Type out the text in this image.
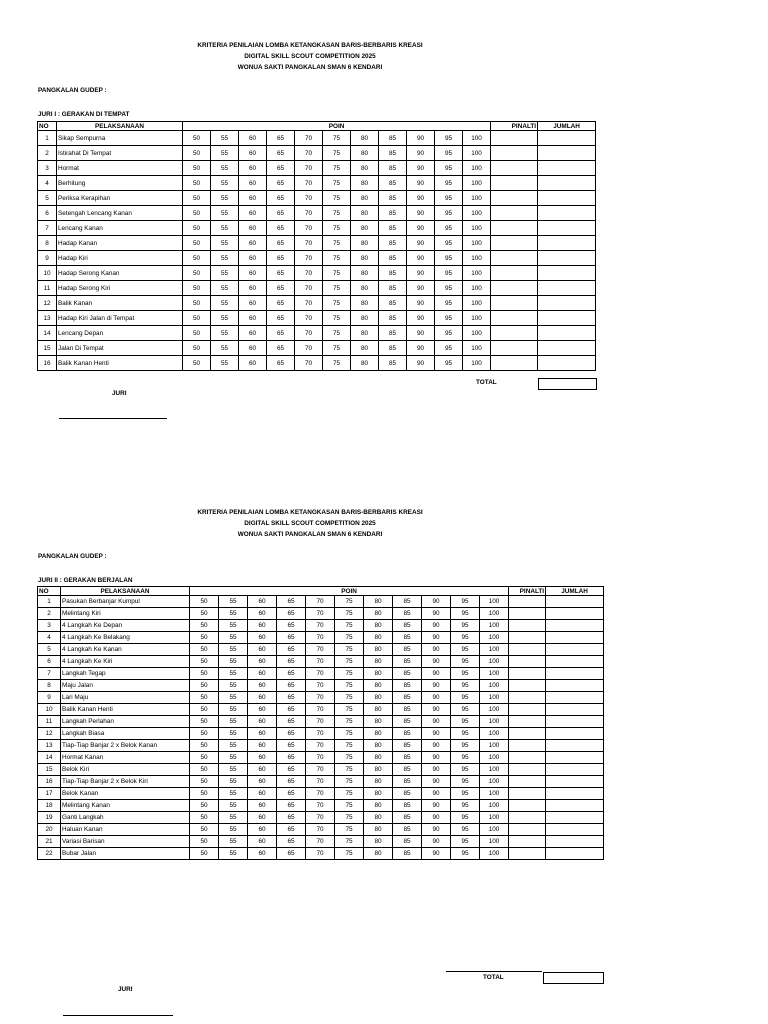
KRITERIA PENILAIAN LOMBA KETANGKASAN BARIS-BERBARIS KREASI
DIGITAL SKILL SCOUT COMPETITION 2025
WONUA SAKTI PANGKALAN SMAN 6 KENDARI
PANGKALAN GUDEP :
JURI I : GERAKAN DI TEMPAT
NO	PELAKSANAAN	POIN											PINALTI	JUMLAH
1	Sikap Sempurna	50	55	60	65	70	75	80	85	90	95	100		
2	Istirahat Di Tempat	50	55	60	65	70	75	80	85	90	95	100		
3	Hormat	50	55	60	65	70	75	80	85	90	95	100		
4	Berhitung	50	55	60	65	70	75	80	85	90	95	100		
5	Periksa Kerapihan	50	55	60	65	70	75	80	85	90	95	100		
6	Setengah Lencang Kanan	50	55	60	65	70	75	80	85	90	95	100		
7	Lencang Kanan	50	55	60	65	70	75	80	85	90	95	100		
8	Hadap Kanan	50	55	60	65	70	75	80	85	90	95	100		
9	Hadap Kiri	50	55	60	65	70	75	80	85	90	95	100		
10	Hadap Serong Kanan	50	55	60	65	70	75	80	85	90	95	100		
11	Hadap Serong Kiri	50	55	60	65	70	75	80	85	90	95	100		
12	Balik Kanan	50	55	60	65	70	75	80	85	90	95	100		
13	Hadap Kiri Jalan di Tempat	50	55	60	65	70	75	80	85	90	95	100		
14	Lencang Depan	50	55	60	65	70	75	80	85	90	95	100		
15	Jalan Di Tempat	50	55	60	65	70	75	80	85	90	95	100		
16	Balik Kanan Henti	50	55	60	65	70	75	80	85	90	95	100		
TOTAL
JURI
KRITERIA PENILAIAN LOMBA KETANGKASAN BARIS-BERBARIS KREASI
DIGITAL SKILL SCOUT COMPETITION 2025
WONUA SAKTI PANGKALAN SMAN 6 KENDARI
PANGKALAN GUDEP :
JURI II : GERAKAN BERJALAN
NO	PELAKSANAAN	POIN											PINALTI	JUMLAH
1	Pasukan Berbanjar Kumpul	50	55	60	65	70	75	80	85	90	95	100		
2	Melintang Kiri	50	55	60	65	70	75	80	85	90	95	100		
3	4 Langkah Ke Depan	50	55	60	65	70	75	80	85	90	95	100		
4	4 Langkah Ke Belakang	50	55	60	65	70	75	80	85	90	95	100		
5	4 Langkah Ke Kanan	50	55	60	65	70	75	80	85	90	95	100		
6	4 Langkah Ke Kiri	50	55	60	65	70	75	80	85	90	95	100		
7	Langkah Tegap	50	55	60	65	70	75	80	85	90	95	100		
8	Maju Jalan	50	55	60	65	70	75	80	85	90	95	100		
9	Lari Maju	50	55	60	65	70	75	80	85	90	95	100		
10	Balik Kanan Henti	50	55	60	65	70	75	80	85	90	95	100		
11	Langkah Perlahan	50	55	60	65	70	75	80	85	90	95	100		
12	Langkah Biasa	50	55	60	65	70	75	80	85	90	95	100		
13	Tiap-Tiap Banjar 2 x Belok Kanan	50	55	60	65	70	75	80	85	90	95	100		
14	Hormat Kanan	50	55	60	65	70	75	80	85	90	95	100		
15	Belok Kiri	50	55	60	65	70	75	80	85	90	95	100		
16	Tiap-Tiap Banjar 2 x Belok Kiri	50	55	60	65	70	75	80	85	90	95	100		
17	Belok Kanan	50	55	60	65	70	75	80	85	90	95	100		
18	Melintang Kanan	50	55	60	65	70	75	80	85	90	95	100		
19	Ganti Langkah	50	55	60	65	70	75	80	85	90	95	100		
20	Haluan Kanan	50	55	60	65	70	75	80	85	90	95	100		
21	Variasi Barisan	50	55	60	65	70	75	80	85	90	95	100		
22	Bubar Jalan	50	55	60	65	70	75	80	85	90	95	100		
TOTAL
JURI
